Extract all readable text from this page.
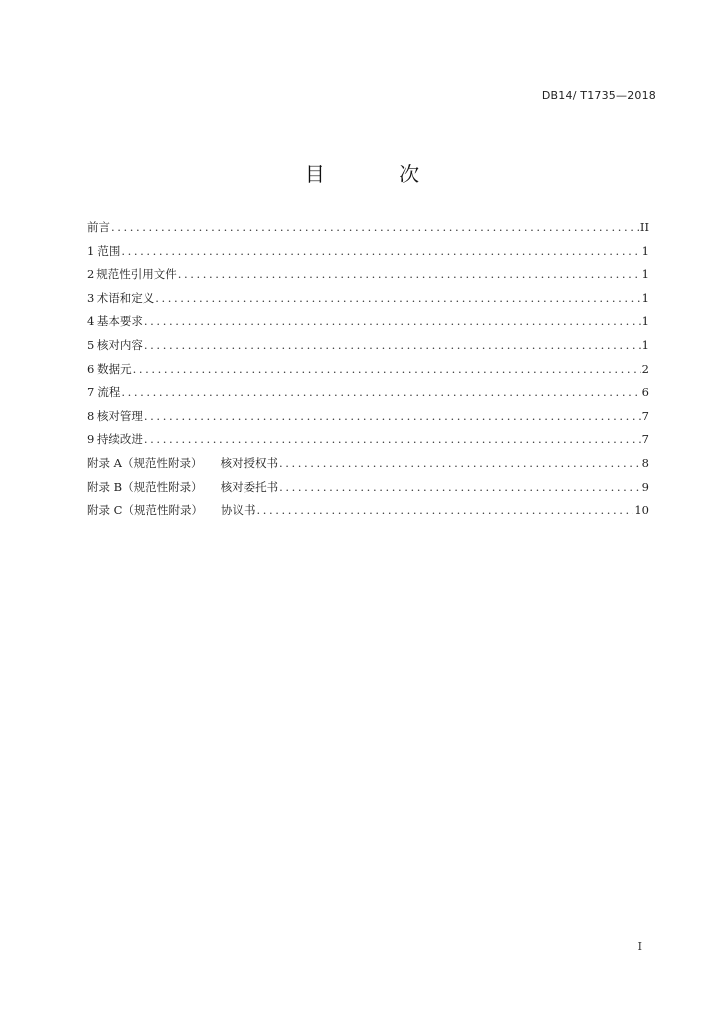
DB14/ T1735—2018
目 次
前言 .....	II
1 范围 .....	1
2 规范性引用文件 .....	1
3 术语和定义 .....	1
4 基本要求 .....	1
5 核对内容 .....	1
6 数据元 .....	2
7 流程 .....	6
8 核对管理 .....	7
9 持续改进 .....	7
附录 A（规范性附录） 核对授权书 .....	8
附录 B（规范性附录） 核对委托书 .....	9
附录 C（规范性附录） 协议书 .....	10
I
